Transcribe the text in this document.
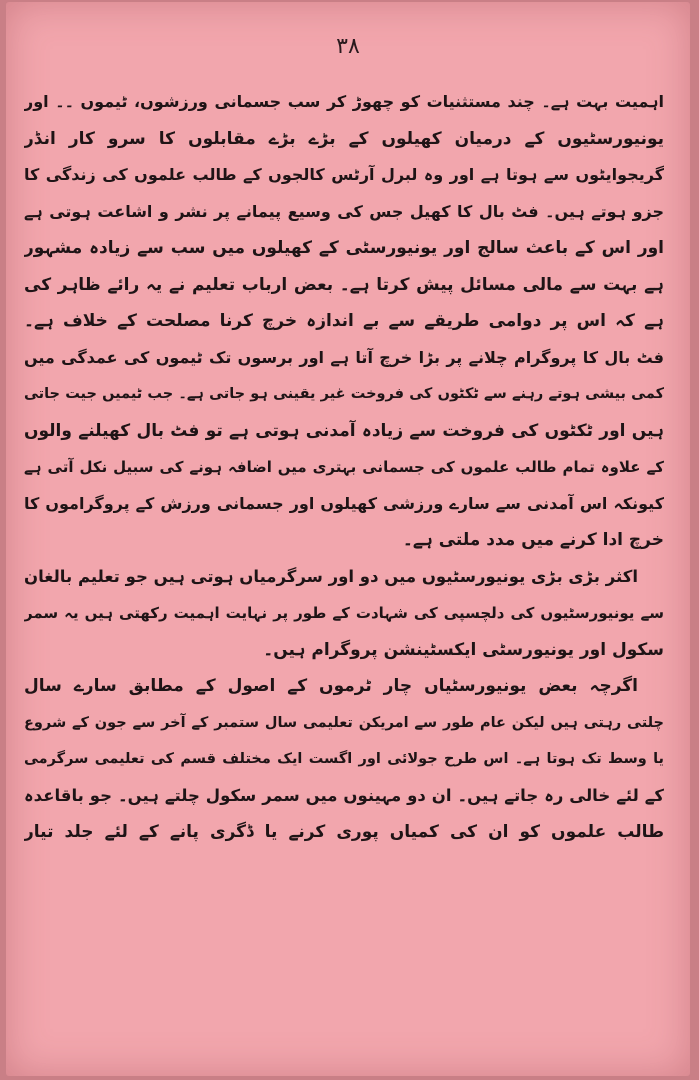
۳۸
اہمیت بہت ہے۔ چند مستثنیات کو چھوڑ کر سب جسمانی ورزشوں، ٹیموں ۔۔ اور
یونیورسٹیوں کے درمیان کھیلوں کے بڑے بڑے مقابلوں کا سرو کار انڈر
گریجوایٹوں سے ہوتا ہے اور وہ لبرل آرٹس کالجوں کے طالب علموں کی زندگی کا
جزو ہوتے ہیں۔ فٹ بال کا کھیل جس کی وسیع پیمانے پر نشر و اشاعت ہوتی ہے
اور اس کے باعث سالج اور یونیورسٹی کے کھیلوں میں سب سے زیادہ مشہور
ہے بہت سے مالی مسائل پیش کرتا ہے۔ بعض ارباب تعلیم نے یہ رائے ظاہر کی
ہے کہ اس پر دوامی طریقے سے بے اندازہ خرچ کرنا مصلحت کے خلاف ہے۔
فٹ بال کا پروگرام چلانے پر بڑا خرچ آتا ہے اور برسوں تک ٹیموں کی عمدگی میں
کمی بیشی ہوتے رہنے سے ٹکٹوں کی فروخت غیر یقینی ہو جاتی ہے۔ جب ٹیمیں جیت جاتی
ہیں اور ٹکٹوں کی فروخت سے زیادہ آمدنی ہوتی ہے تو فٹ بال کھیلنے والوں
کے علاوہ تمام طالب علموں کی جسمانی بہتری میں اضافہ ہونے کی سبیل نکل آتی ہے
کیونکہ اس آمدنی سے سارے ورزشی کھیلوں اور جسمانی ورزش کے پروگراموں کا
خرچ ادا کرنے میں مدد ملتی ہے۔
اکثر بڑی بڑی یونیورسٹیوں میں دو اور سرگرمیاں ہوتی ہیں جو تعلیم بالغان
سے یونیورسٹیوں کی دلچسپی کی شہادت کے طور پر نہایت اہمیت رکھتی ہیں یہ سمر
سکول اور یونیورسٹی ایکسٹینشن پروگرام ہیں۔
اگرچہ بعض یونیورسٹیاں چار ٹرموں کے اصول کے مطابق سارے سال
چلتی رہتی ہیں لیکن عام طور سے امریکن تعلیمی سال ستمبر کے آخر سے جون کے شروع
یا وسط تک ہوتا ہے۔ اس طرح جولائی اور اگست ایک مختلف قسم کی تعلیمی سرگرمی
کے لئے خالی رہ جاتے ہیں۔ ان دو مہینوں میں سمر سکول چلتے ہیں۔ جو باقاعدہ
طالب علموں کو ان کی کمیاں پوری کرنے یا ڈگری پانے کے لئے جلد تیار
